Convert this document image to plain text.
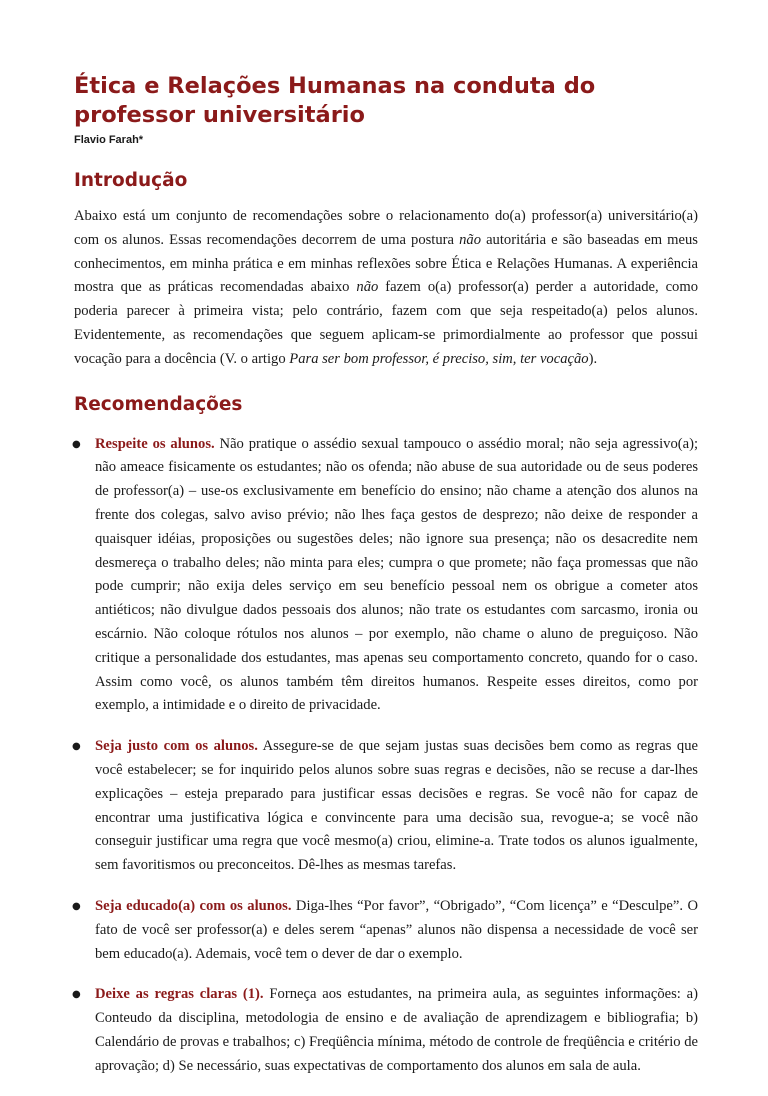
Ética e Relações Humanas na conduta do professor universitário
Flavio Farah*
Introdução

Abaixo está um conjunto de recomendações sobre o relacionamento do(a) professor(a) universitário(a) com os alunos. Essas recomendações decorrem de uma postura não autoritária e são baseadas em meus conhecimentos, em minha prática e em minhas reflexões sobre Ética e Relações Humanas. A experiência mostra que as práticas recomendadas abaixo não fazem o(a) professor(a) perder a autoridade, como poderia parecer à primeira vista; pelo contrário, fazem com que seja respeitado(a) pelos alunos. Evidentemente, as recomendações que seguem aplicam-se primordialmente ao professor que possui vocação para a docência (V. o artigo Para ser bom professor, é preciso, sim, ter vocação).

Recomendações
● Respeite os alunos. Não pratique o assédio sexual tampouco o assédio moral; não seja agressivo(a); não ameace fisicamente os estudantes; não os ofenda; não abuse de sua autoridade ou de seus poderes de professor(a) – use-os exclusivamente em benefício do ensino; não chame a atenção dos alunos na frente dos colegas, salvo aviso prévio; não lhes faça gestos de desprezo; não deixe de responder a quaisquer idéias, proposições ou sugestões deles; não ignore sua presença; não os desacredite nem desmereça o trabalho deles; não minta para eles; cumpra o que promete; não faça promessas que não pode cumprir; não exija deles serviço em seu benefício pessoal nem os obrigue a cometer atos antiéticos; não divulgue dados pessoais dos alunos; não trate os estudantes com sarcasmo, ironia ou escárnio. Não coloque rótulos nos alunos – por exemplo, não chame o aluno de preguiçoso. Não critique a personalidade dos estudantes, mas apenas seu comportamento concreto, quando for o caso. Assim como você, os alunos também têm direitos humanos. Respeite esses direitos, como por exemplo, a intimidade e o direito de privacidade.
● Seja justo com os alunos. Assegure-se de que sejam justas suas decisões bem como as regras que você estabelecer; se for inquirido pelos alunos sobre suas regras e decisões, não se recuse a dar-lhes explicações – esteja preparado para justificar essas decisões e regras. Se você não for capaz de encontrar uma justificativa lógica e convincente para uma decisão sua, revogue-a; se você não conseguir justificar uma regra que você mesmo(a) criou, elimine-a. Trate todos os alunos igualmente, sem favoritismos ou preconceitos. Dê-lhes as mesmas tarefas.
● Seja educado(a) com os alunos. Diga-lhes “Por favor”, “Obrigado”, “Com licença” e “Desculpe”. O fato de você ser professor(a) e deles serem “apenas” alunos não dispensa a necessidade de você ser bem educado(a). Ademais, você tem o dever de dar o exemplo.
● Deixe as regras claras (1). Forneça aos estudantes, na primeira aula, as seguintes informações: a) Conteudo da disciplina, metodologia de ensino e de avaliação de aprendizagem e bibliografia; b) Calendário de provas e trabalhos; c) Freqüência mínima, método de controle de freqüência e critério de aprovação; d) Se necessário, suas expectativas de comportamento dos alunos em sala de aula.
